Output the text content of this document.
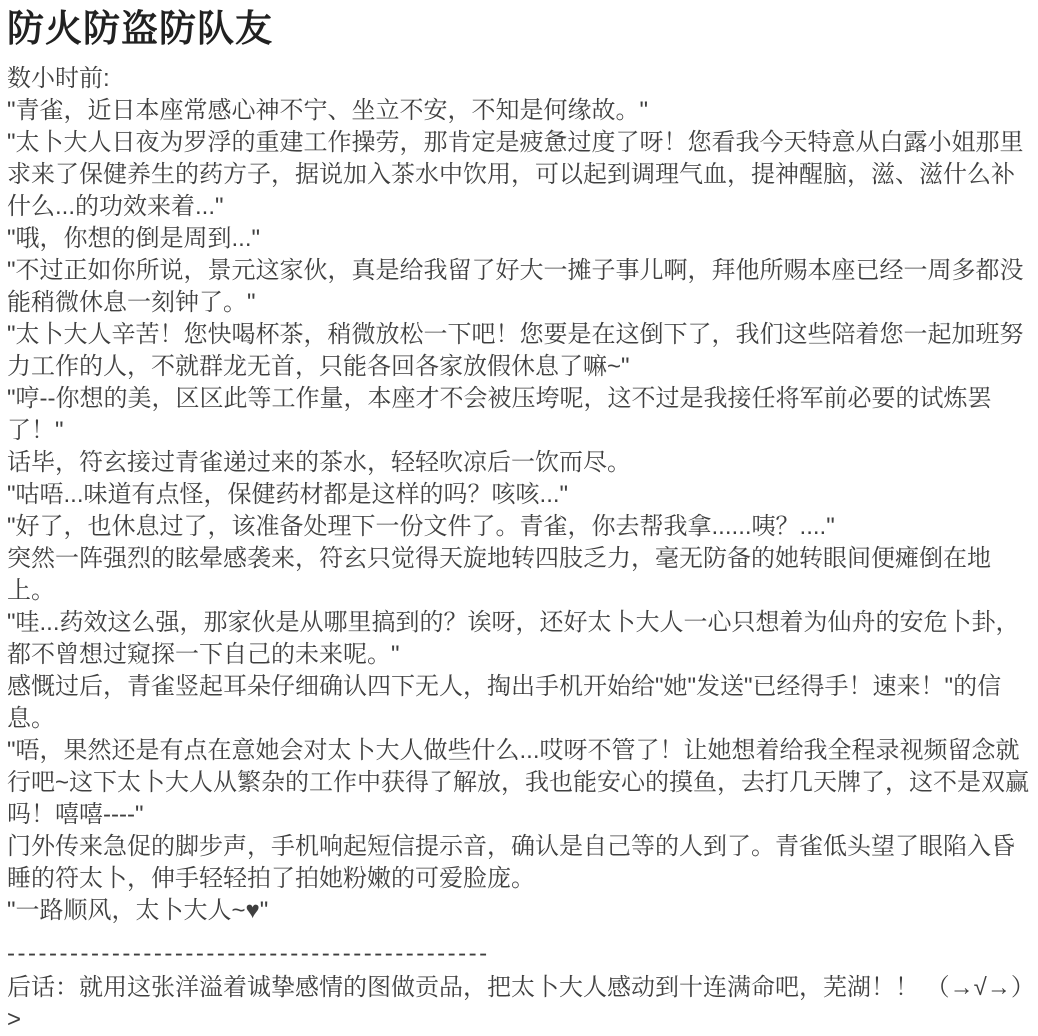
防火防盗防队友
数小时前:
"青雀，近日本座常感心神不宁、坐立不安，不知是何缘故。"
"太卜大人日夜为罗浮的重建工作操劳，那肯定是疲惫过度了呀！您看我今天特意从白露小姐那里
求来了保健养生的药方子，据说加入茶水中饮用，可以起到调理气血，提神醒脑，滋、滋什么补
什么...的功效来着..."
"哦，你想的倒是周到..."
"不过正如你所说，景元这家伙，真是给我留了好大一摊子事儿啊，拜他所赐本座已经一周多都没
能稍微休息一刻钟了。"
"太卜大人辛苦！您快喝杯茶，稍微放松一下吧！您要是在这倒下了，我们这些陪着您一起加班努
力工作的人，不就群龙无首，只能各回各家放假休息了嘛~"
"哼--你想的美，区区此等工作量，本座才不会被压垮呢，这不过是我接任将军前必要的试炼罢
了！"
话毕，符玄接过青雀递过来的茶水，轻轻吹凉后一饮而尽。
"咕唔...味道有点怪，保健药材都是这样的吗？咳咳..."
"好了，也休息过了，该准备处理下一份文件了。青雀，你去帮我拿......咦？...."
突然一阵强烈的眩晕感袭来，符玄只觉得天旋地转四肢乏力，毫无防备的她转眼间便瘫倒在地
上。
"哇...药效这么强，那家伙是从哪里搞到的？诶呀，还好太卜大人一心只想着为仙舟的安危卜卦，
都不曾想过窥探一下自己的未来呢。"
感慨过后，青雀竖起耳朵仔细确认四下无人，掏出手机开始给"她"发送"已经得手！速来！"的信
息。
"唔，果然还是有点在意她会对太卜大人做些什么...哎呀不管了！让她想着给我全程录视频留念就
行吧~这下太卜大人从繁杂的工作中获得了解放，我也能安心的摸鱼，去打几天牌了，这不是双赢
吗！嘻嘻----"
门外传来急促的脚步声，手机响起短信提示音，确认是自己等的人到了。青雀低头望了眼陷入昏
睡的符太卜，伸手轻轻拍了拍她粉嫩的可爱脸庞。
"一路顺风，太卜大人~♥"
----------------------------------------------
后话：就用这张洋溢着诚挚感情的图做贡品，把太卜大人感动到十连满命吧，芜湖！！ （→√→）
>
